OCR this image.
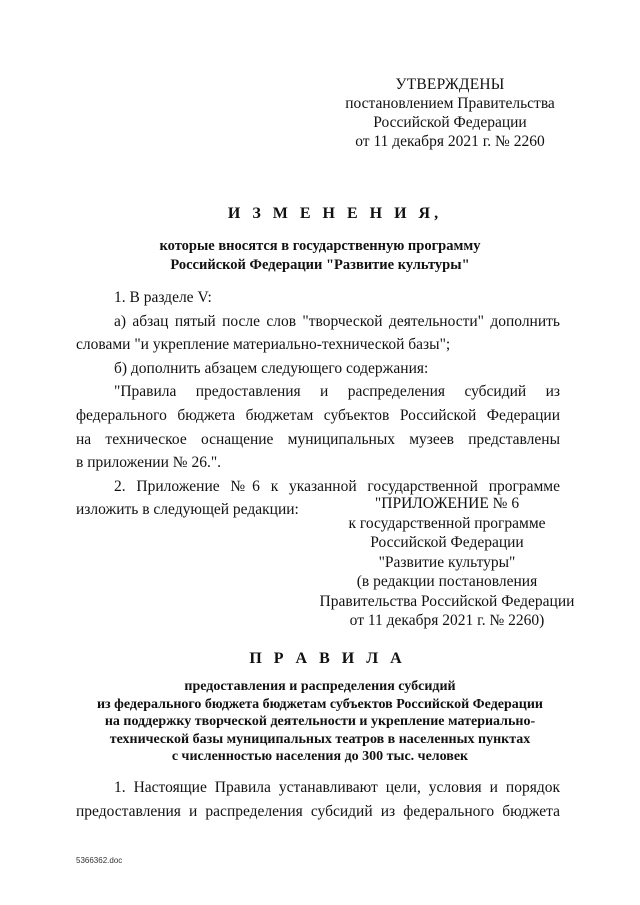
УТВЕРЖДЕНЫ
постановлением Правительства
Российской Федерации
от 11 декабря 2021 г. № 2260
И З М Е Н Е Н И Я,
которые вносятся в государственную программу
Российской Федерации "Развитие культуры"

1. В разделе V:

а) абзац пятый после слов "творческой деятельности" дополнить

словами "и укрепление материально-технической базы";

б) дополнить абзацем следующего содержания:

"Правила предоставления и распределения субсидий из

федерального бюджета бюджетам субъектов Российской Федерации

на техническое оснащение муниципальных музеев представлены

в приложении № 26.".

2. Приложение №6 к указанной государственной программе

изложить в следующей редакции:	"ПРИЛОЖЕНИЕ № 6
к государственной программе
Российской Федерации
"Развитие культуры"
(в редакции постановления
Правительства Российской Федерации
от 11 декабря 2021 г. № 2260)
П Р А В И Л А
предоставления и распределения субсидий
из федерального бюджета бюджетам субъектов Российской Федерации
на поддержку творческой деятельности и укрепление материально-
технической базы муниципальных театров в населенных пунктах
с численностью населения до 300 тыс. человек

1. Настоящие Правила устанавливают цели, условия и порядок

предоставления и распределения субсидий из федерального бюджета

5366362.doc
